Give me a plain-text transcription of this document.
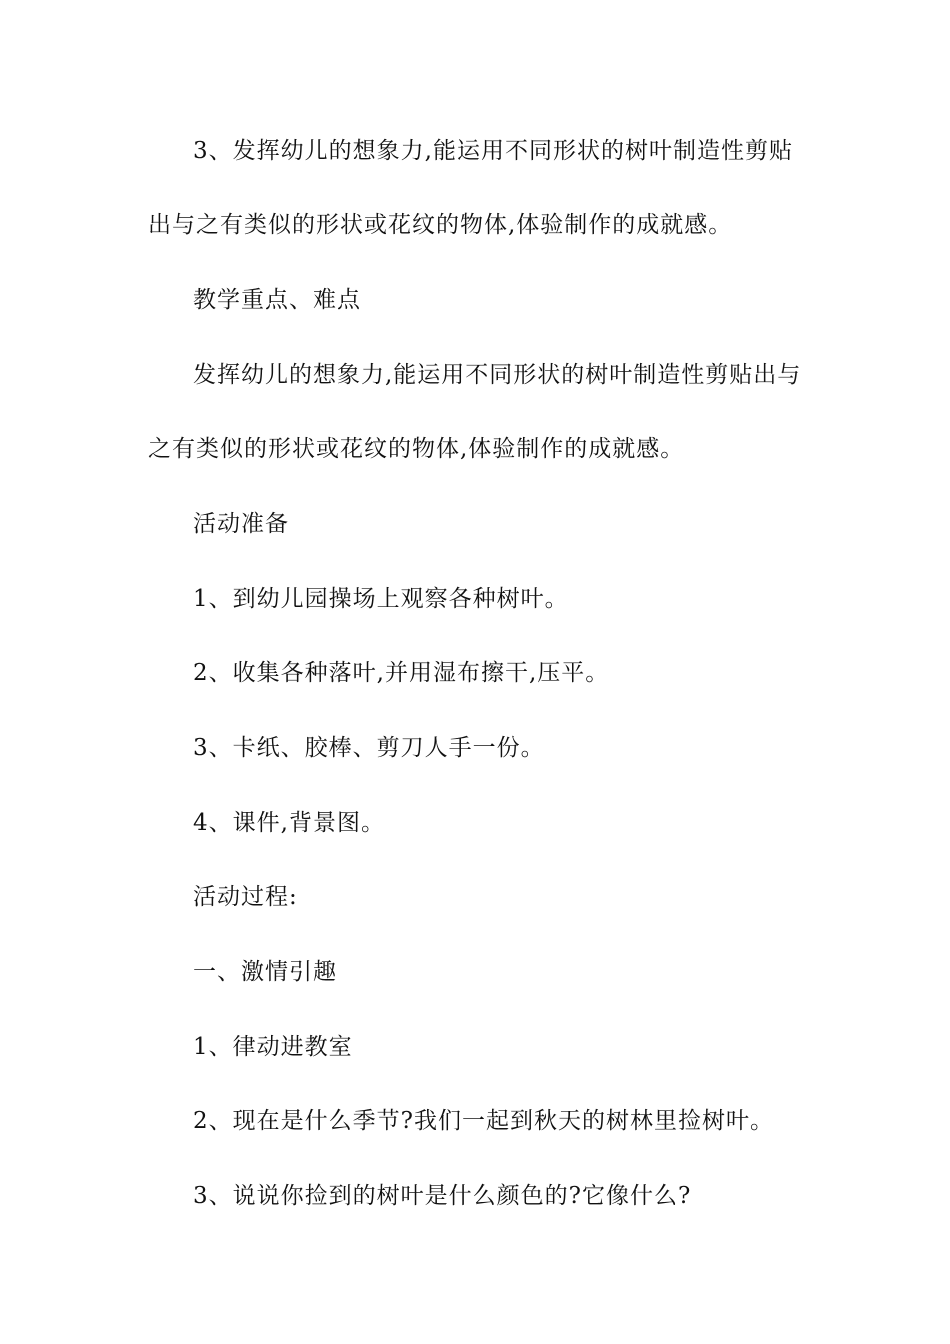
3、发挥幼儿的想象力,能运用不同形状的树叶制造性剪贴
出与之有类似的形状或花纹的物体,体验制作的成就感。
教学重点、难点
发挥幼儿的想象力,能运用不同形状的树叶制造性剪贴出与
之有类似的形状或花纹的物体,体验制作的成就感。
活动准备
1、到幼儿园操场上观察各种树叶。
2、收集各种落叶,并用湿布擦干,压平。
3、卡纸、胶棒、剪刀人手一份。
4、课件,背景图。
活动过程:
一、激情引趣
1、律动进教室
2、现在是什么季节?我们一起到秋天的树林里捡树叶。
3、说说你捡到的树叶是什么颜色的?它像什么?
